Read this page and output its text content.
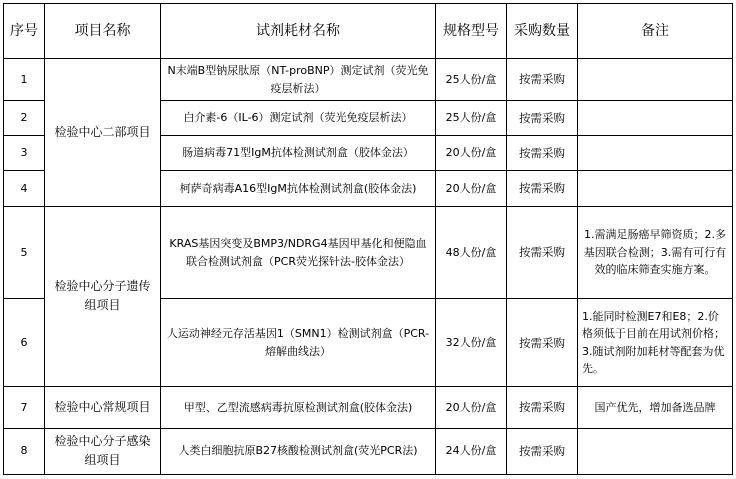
序号	项目名称	试剂耗材名称	规格型号	采购数量	备注
1	检验中心二部项目	N末端B型钠尿肽原（NT-proBNP）测定试剂（荧光免疫层析法）	25人份/盒	按需采购	
2		白介素-6（IL-6）测定试剂（荧光免疫层析法）	25人份/盒	按需采购	
3		肠道病毒71型IgM抗体检测试剂盒（胶体金法）	20人份/盒	按需采购	
4		柯萨奇病毒A16型IgM抗体检测试剂盒(胶体金法)	20人份/盒	按需采购	
5	检验中心分子遗传组项目	KRAS基因突变及BMP3/NDRG4基因甲基化和便隐血联合检测试剂盒（PCR荧光探针法-胶体金法）	48人份/盒	按需采购	1.需满足肠癌早筛资质；2.多基因联合检测；3.需有可行有效的临床筛查实施方案。
6		人运动神经元存活基因1（SMN1）检测试剂盒（PCR-熔解曲线法）	32人份/盒	按需采购	1.能同时检测E7和E8；2.价格须低于目前在用试剂价格；3.随试剂附加耗材等配套为优先。
7	检验中心常规项目	甲型、乙型流感病毒抗原检测试剂盒(胶体金法)	20人份/盒	按需采购	国产优先，增加备选品牌
8	检验中心分子感染组项目	人类白细胞抗原B27核酸检测试剂盒(荧光PCR法)	24人份/盒	按需采购	
